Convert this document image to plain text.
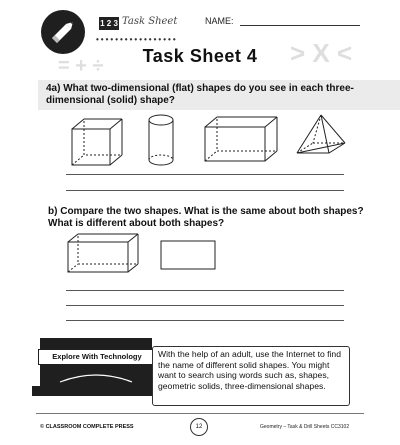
1 2 3 Task Sheet	NAME:
•••••••••••••••••
= + ÷	> X <
Task Sheet 4
4a) What two-dimensional (flat) shapes do you see in each three-dimensional (solid) shape?
b) Compare the two shapes. What is the same about both shapes? What is different about both shapes?
Explore With Technology	With the help of an adult, use the Internet to find the name of different solid shapes. You might want to search using words such as, shapes, geometric solids, three-dimensional shapes.
© CLASSROOM COMPLETE PRESS	12	Geometry – Task & Drill Sheets CC3102
